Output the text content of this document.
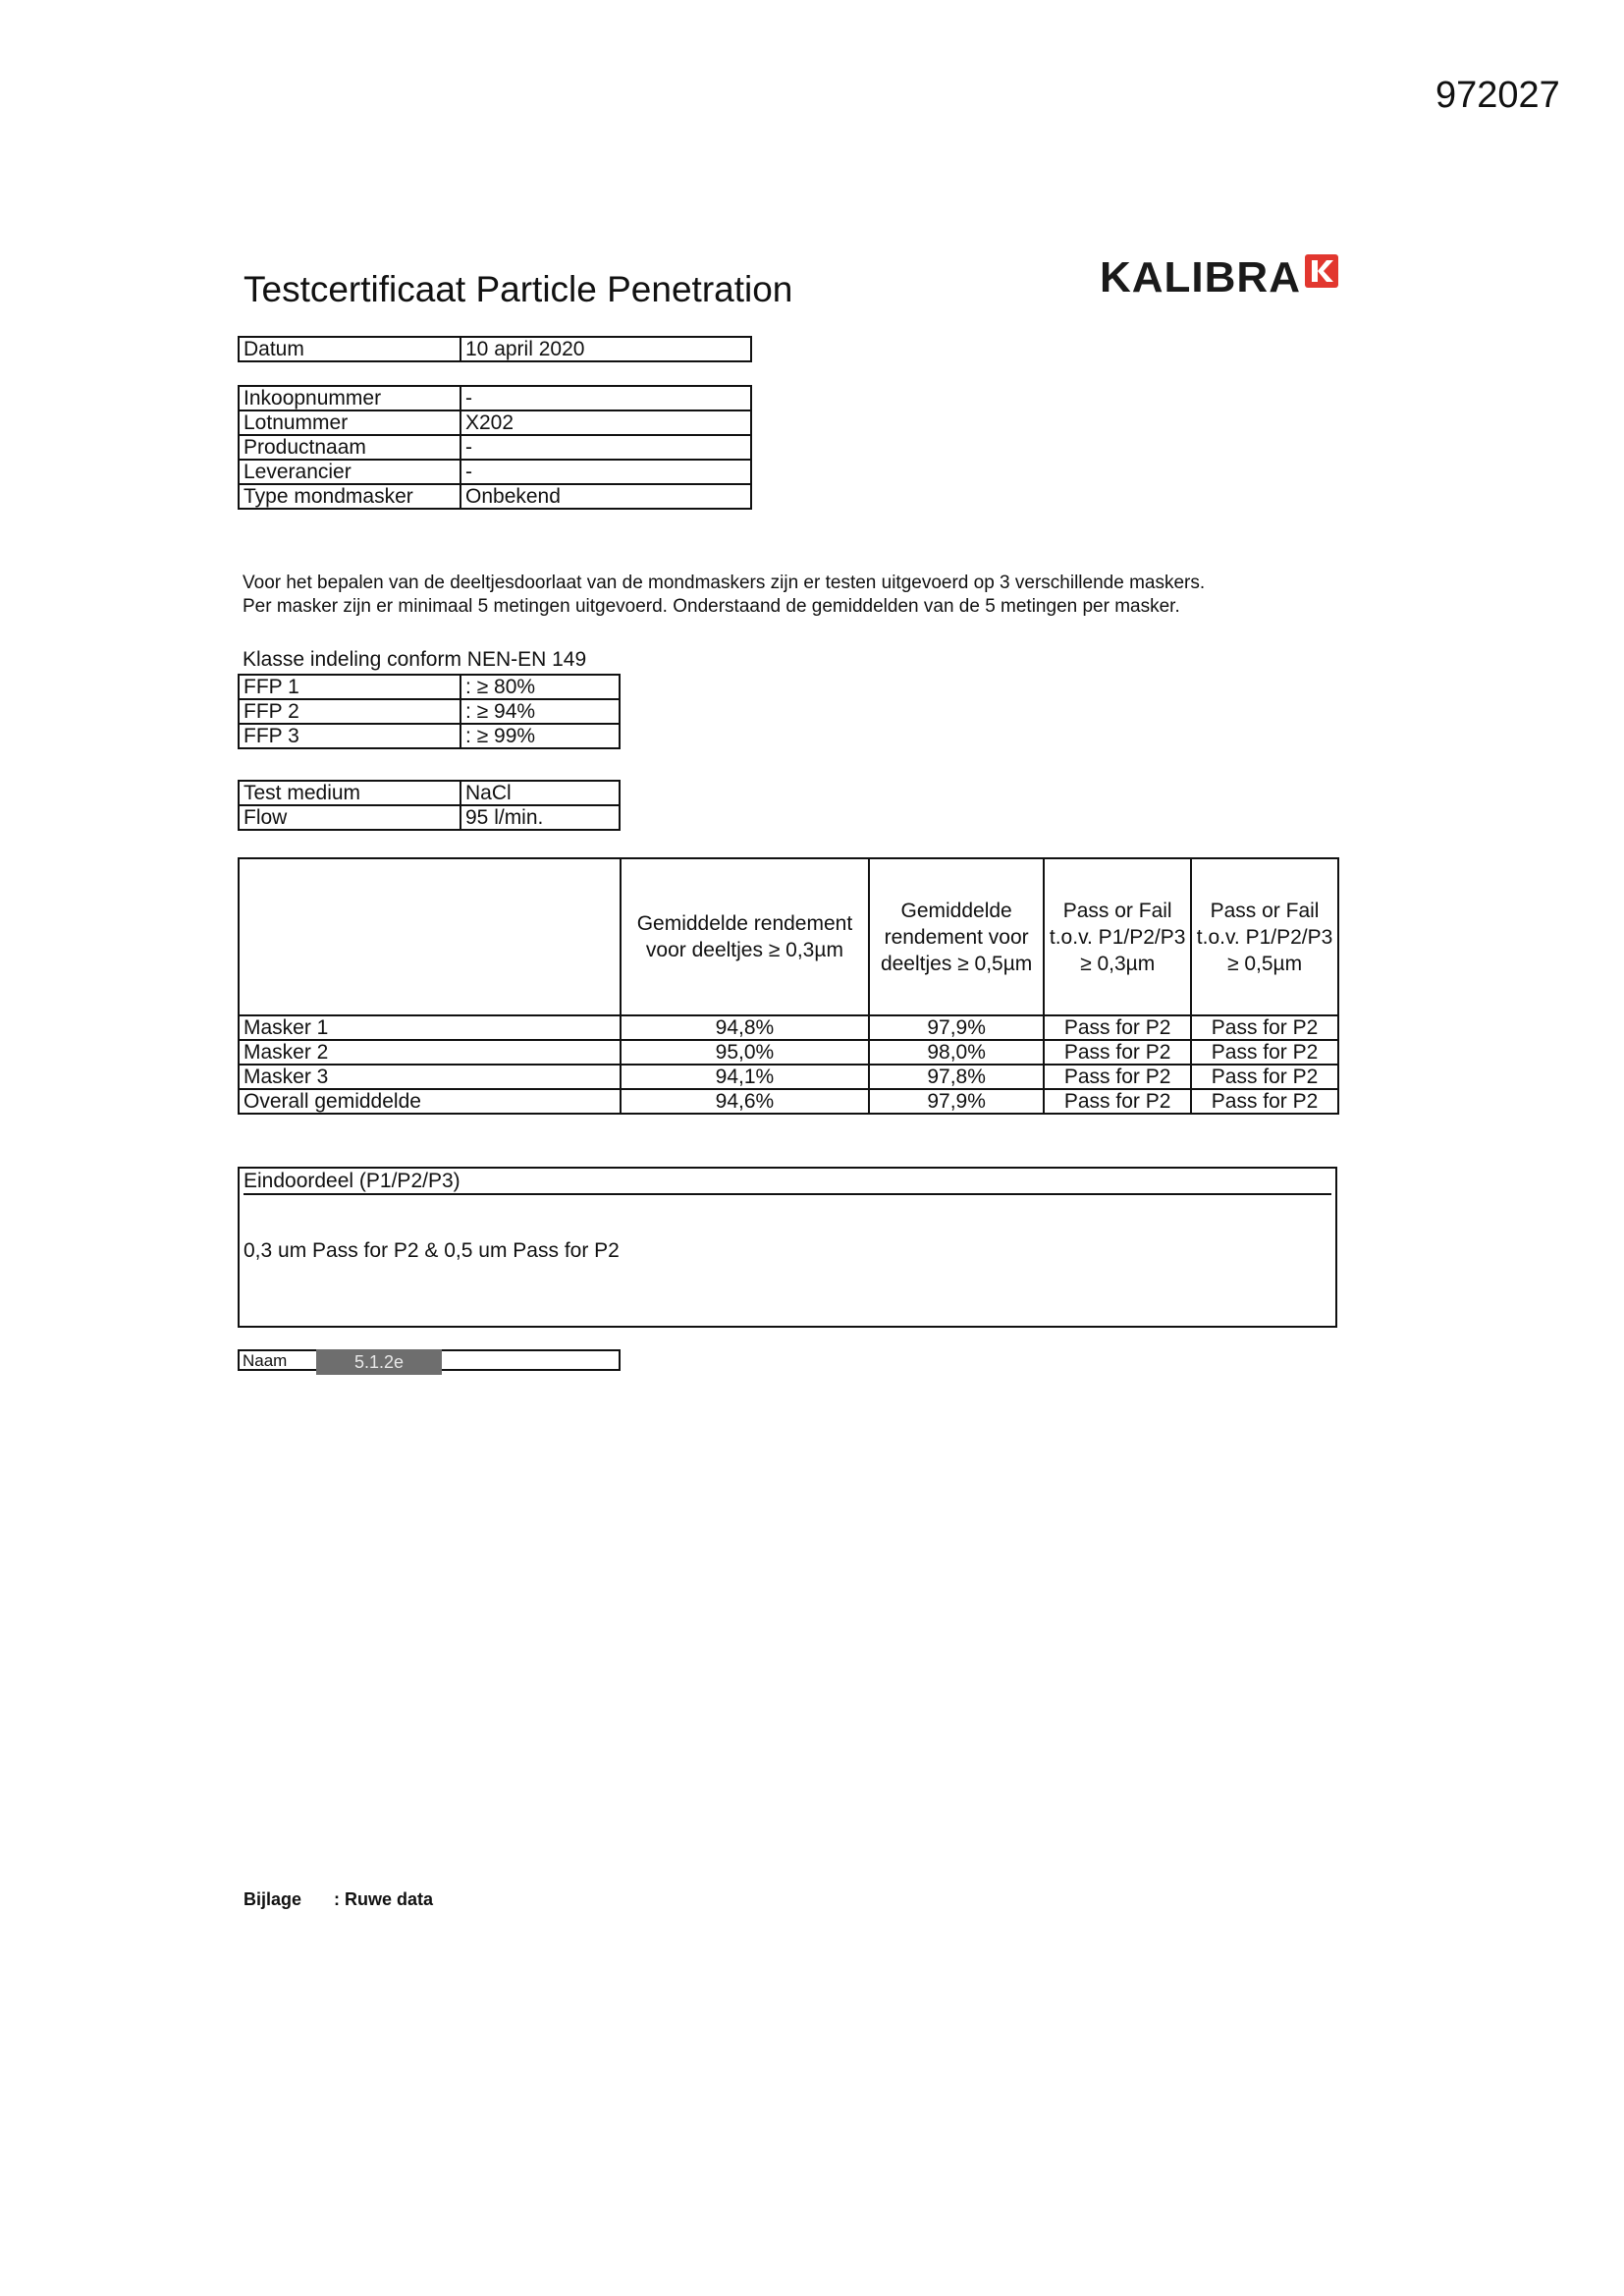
972027
Testcertificaat Particle Penetration	KALIBRA
Datum	10 april 2020
Inkoopnummer	-
Lotnummer	X202
Productnaam	-
Leverancier	-
Type mondmasker	Onbekend
Voor het bepalen van de deeltjesdoorlaat van de mondmaskers zijn er testen uitgevoerd op 3 verschillende maskers.
Per masker zijn er minimaal 5 metingen uitgevoerd. Onderstaand de gemiddelden van de 5 metingen per masker.
Klasse indeling conform NEN-EN 149
FFP 1	: ≥ 80%
FFP 2	: ≥ 94%
FFP 3	: ≥ 99%
Test medium	NaCl
Flow	95 l/min.
	Gemiddelde rendement voor deeltjes ≥ 0,3µm	Gemiddelde rendement voor deeltjes ≥ 0,5µm	Pass or Fail t.o.v. P1/P2/P3 ≥ 0,3µm	Pass or Fail t.o.v. P1/P2/P3 ≥ 0,5µm
Masker 1	94,8%	97,9%	Pass for P2	Pass for P2
Masker 2	95,0%	98,0%	Pass for P2	Pass for P2
Masker 3	94,1%	97,8%	Pass for P2	Pass for P2
Overall gemiddelde	94,6%	97,9%	Pass for P2	Pass for P2
Eindoordeel (P1/P2/P3)
0,3 um Pass for P2 & 0,5 um Pass for P2
Naam	5.1.2e
Bijlage : Ruwe data
